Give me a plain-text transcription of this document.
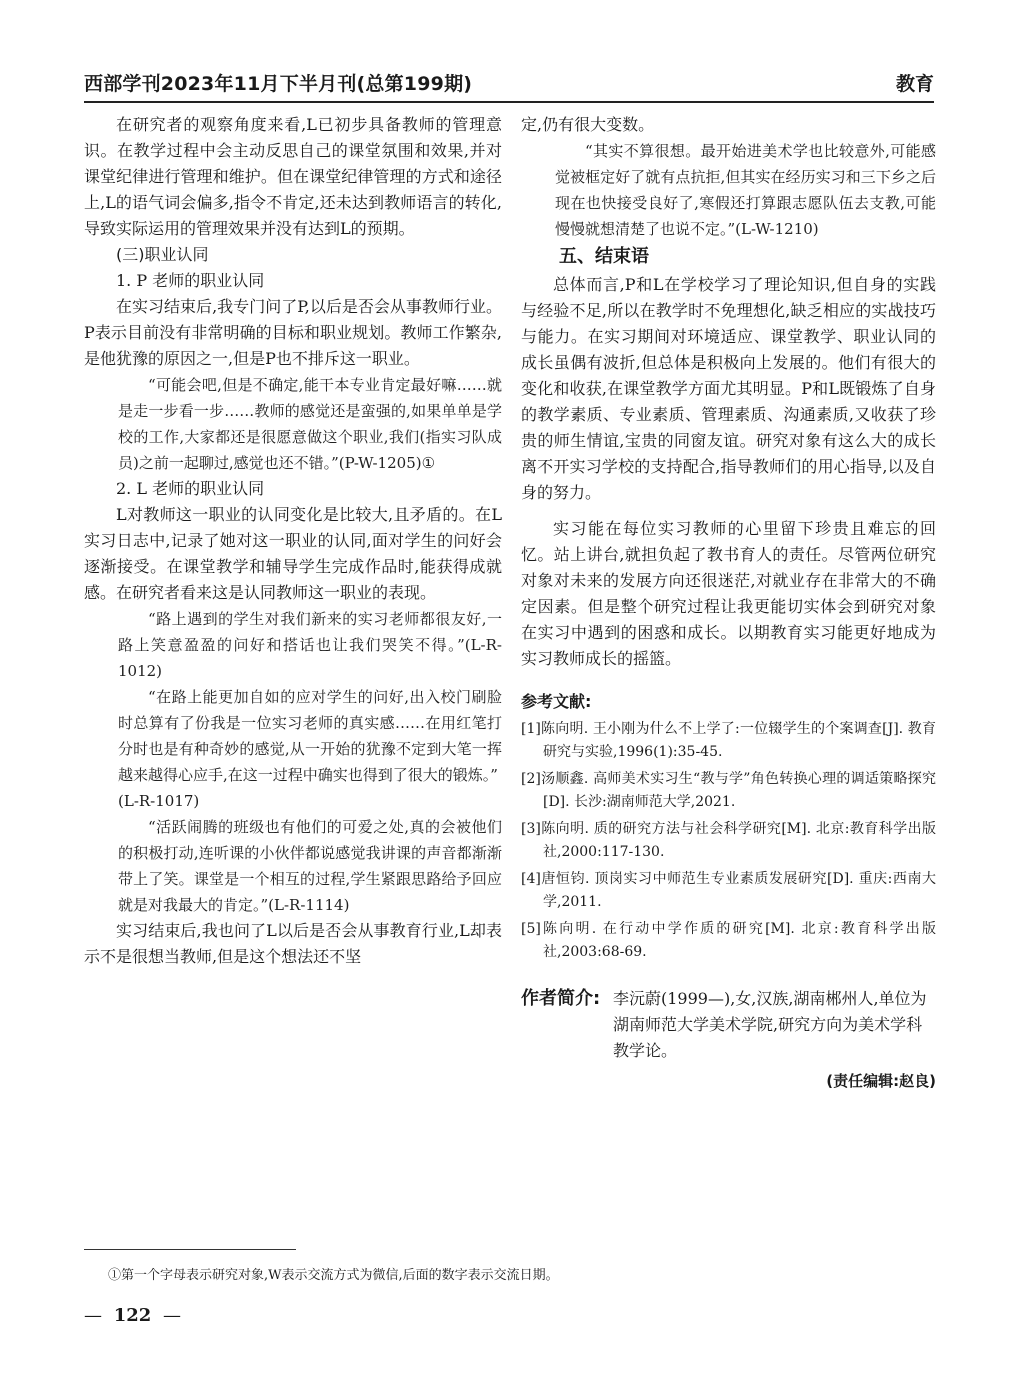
西部学刊2023年11月下半月刊(总第199期)	教育

在研究者的观察角度来看,L已初步具备教师的管理意识。在教学过程中会主动反思自己的课堂氛围和效果,并对课堂纪律进行管理和维护。但在课堂纪律管理的方式和途径上,L的语气词会偏多,指令不肯定,还未达到教师语言的转化,导致实际运用的管理效果并没有达到L的预期。

(三)职业认同

1. P 老师的职业认同

在实习结束后,我专门问了P,以后是否会从事教师行业。P表示目前没有非常明确的目标和职业规划。教师工作繁杂,是他犹豫的原因之一,但是P也不排斥这一职业。

“可能会吧,但是不确定,能干本专业肯定最好嘛……就是走一步看一步……教师的感觉还是蛮强的,如果单单是学校的工作,大家都还是很愿意做这个职业,我们(指实习队成员)之前一起聊过,感觉也还不错。”(P-W-1205)①

2. L 老师的职业认同

L对教师这一职业的认同变化是比较大,且矛盾的。在L实习日志中,记录了她对这一职业的认同,面对学生的问好会逐渐接受。在课堂教学和辅导学生完成作品时,能获得成就感。在研究者看来这是认同教师这一职业的表现。

“路上遇到的学生对我们新来的实习老师都很友好,一路上笑意盈盈的问好和搭话也让我们哭笑不得。”(L-R-1012)

“在路上能更加自如的应对学生的问好,出入校门刷脸时总算有了份我是一位实习老师的真实感……在用红笔打分时也是有种奇妙的感觉,从一开始的犹豫不定到大笔一挥越来越得心应手,在这一过程中确实也得到了很大的锻炼。”

(L-R-1017)

“活跃闹腾的班级也有他们的可爱之处,真的会被他们的积极打动,连听课的小伙伴都说感觉我讲课的声音都渐渐带上了笑。课堂是一个相互的过程,学生紧跟思路给予回应就是对我最大的肯定。”(L-R-1114)

实习结束后,我也问了L以后是否会从事教育行业,L却表示不是很想当教师,但是这个想法还不坚

定,仍有很大变数。

“其实不算很想。最开始进美术学也比较意外,可能感觉被框定好了就有点抗拒,但其实在经历实习和三下乡之后现在也快接受良好了,寒假还打算跟志愿队伍去支教,可能慢慢就想清楚了也说不定。”(L-W-1210)

五、结束语

总体而言,P和L在学校学习了理论知识,但自身的实践与经验不足,所以在教学时不免理想化,缺乏相应的实战技巧与能力。在实习期间对环境适应、课堂教学、职业认同的成长虽偶有波折,但总体是积极向上发展的。他们有很大的变化和收获,在课堂教学方面尤其明显。P和L既锻炼了自身的教学素质、专业素质、管理素质、沟通素质,又收获了珍贵的师生情谊,宝贵的同窗友谊。研究对象有这么大的成长离不开实习学校的支持配合,指导教师们的用心指导,以及自身的努力。

实习能在每位实习教师的心里留下珍贵且难忘的回忆。站上讲台,就担负起了教书育人的责任。尽管两位研究对象对未来的发展方向还很迷茫,对就业存在非常大的不确定因素。但是整个研究过程让我更能切实体会到研究对象在实习中遇到的困惑和成长。以期教育实习能更好地成为实习教师成长的摇篮。

参考文献:

[1]陈向明. 王小刚为什么不上学了:一位辍学生的个案调查[J]. 教育研究与实验,1996(1):35-45.

[2]汤顺鑫. 高师美术实习生“教与学”角色转换心理的调适策略探究[D]. 长沙:湖南师范大学,2021.

[3]陈向明. 质的研究方法与社会科学研究[M]. 北京:教育科学出版社,2000:117-130.

[4]唐恒钧. 顶岗实习中师范生专业素质发展研究[D]. 重庆:西南大学,2011.

[5]陈向明. 在行动中学作质的研究[M]. 北京:教育科学出版社,2003:68-69.

作者简介: 李沅蔚(1999—),女,汉族,湖南郴州人,单位为湖南师范大学美术学院,研究方向为美术学科教学论。

(责任编辑:赵良)

①第一个字母表示研究对象,W表示交流方式为微信,后面的数字表示交流日期。

— 122 —
